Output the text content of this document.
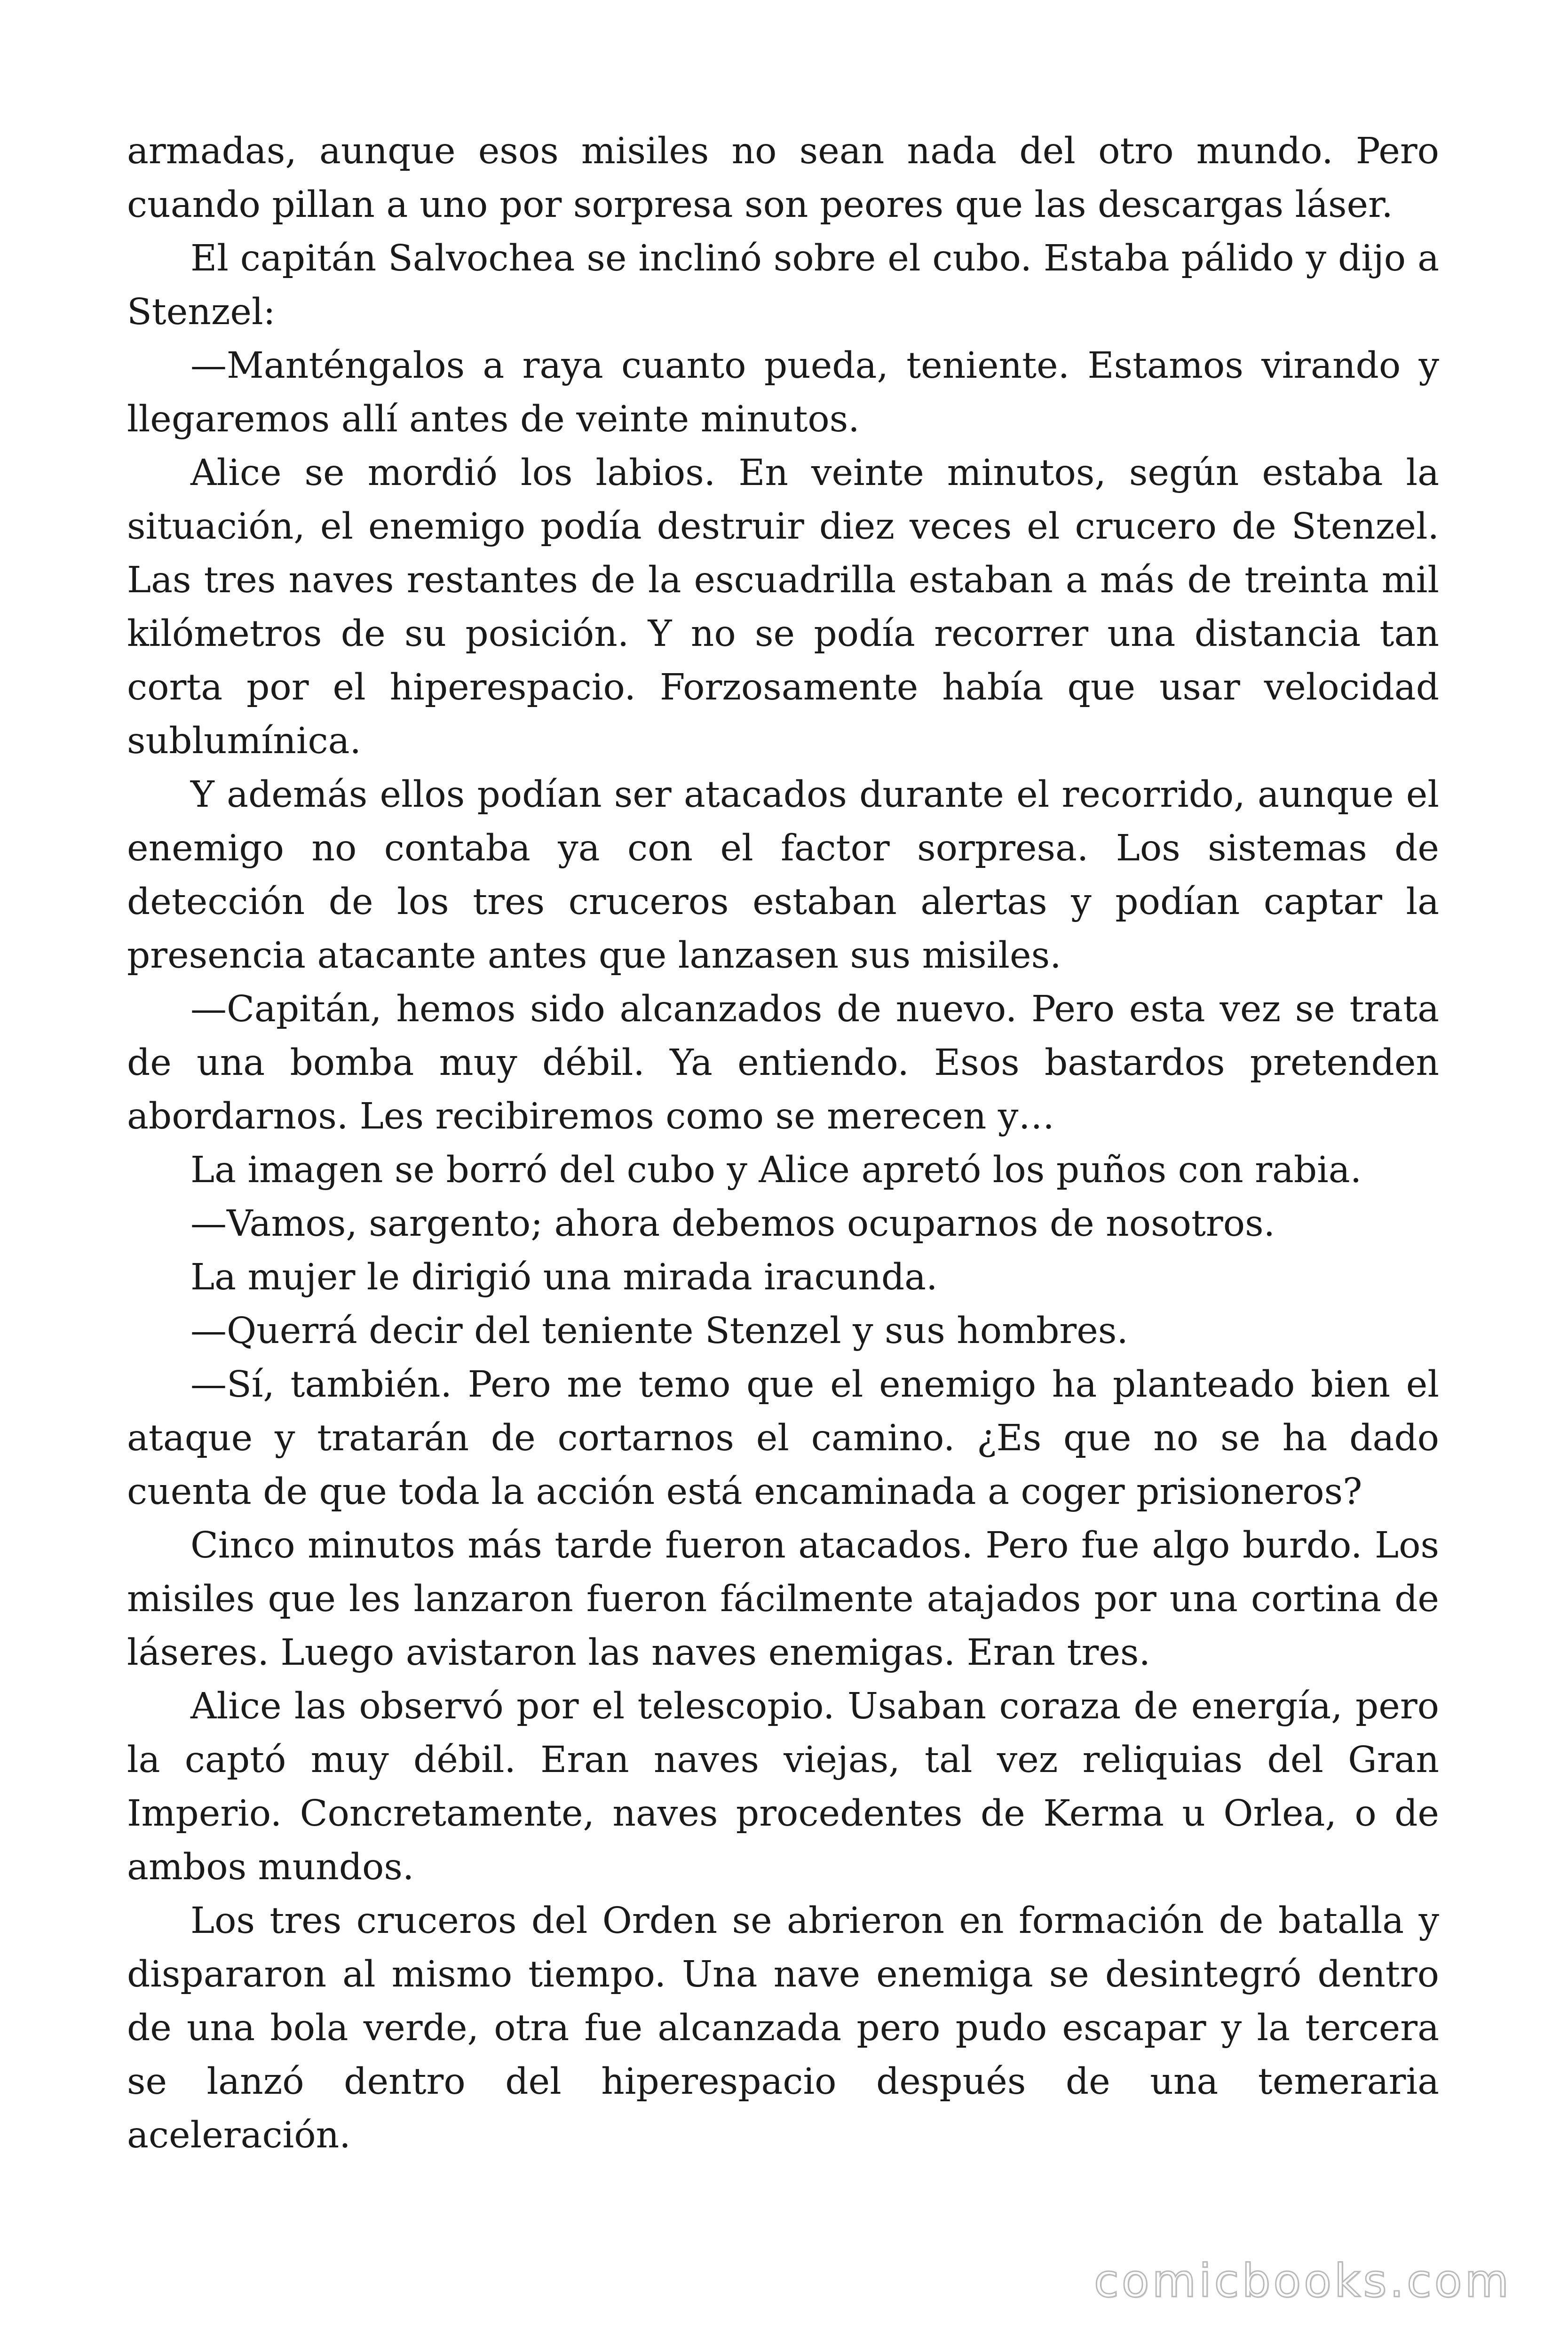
armadas, aunque esos misiles no sean nada del otro mundo. Pero cuando pillan a uno por sorpresa son peores que las descargas láser.

El capitán Salvochea se inclinó sobre el cubo. Estaba pálido y dijo a Stenzel:

—Manténgalos a raya cuanto pueda, teniente. Estamos virando y llegaremos allí antes de veinte minutos.

Alice se mordió los labios. En veinte minutos, según estaba la situación, el enemigo podía destruir diez veces el crucero de Stenzel. Las tres naves restantes de la escuadrilla estaban a más de treinta mil kilómetros de su posición. Y no se podía recorrer una distancia tan corta por el hiperespacio. Forzosamente había que usar velocidad sublumínica.

Y además ellos podían ser atacados durante el recorrido, aunque el enemigo no contaba ya con el factor sorpresa. Los sistemas de detección de los tres cruceros estaban alertas y podían captar la presencia atacante antes que lanzasen sus misiles.

—Capitán, hemos sido alcanzados de nuevo. Pero esta vez se trata de una bomba muy débil. Ya entiendo. Esos bastardos pretenden abordarnos. Les recibiremos como se merecen y…

La imagen se borró del cubo y Alice apretó los puños con rabia.

—Vamos, sargento; ahora debemos ocuparnos de nosotros.

La mujer le dirigió una mirada iracunda.

—Querrá decir del teniente Stenzel y sus hombres.

—Sí, también. Pero me temo que el enemigo ha planteado bien el ataque y tratarán de cortarnos el camino. ¿Es que no se ha dado cuenta de que toda la acción está encaminada a coger prisioneros?

Cinco minutos más tarde fueron atacados. Pero fue algo burdo. Los misiles que les lanzaron fueron fácilmente atajados por una cortina de láseres. Luego avistaron las naves enemigas. Eran tres.

Alice las observó por el telescopio. Usaban coraza de energía, pero la captó muy débil. Eran naves viejas, tal vez reliquias del Gran Imperio. Concretamente, naves procedentes de Kerma u Orlea, o de ambos mundos.

Los tres cruceros del Orden se abrieron en formación de batalla y dispararon al mismo tiempo. Una nave enemiga se desintegró dentro de una bola verde, otra fue alcanzada pero pudo escapar y la tercera se lanzó dentro del hiperespacio después de una temeraria aceleración.

comicbooks.com
